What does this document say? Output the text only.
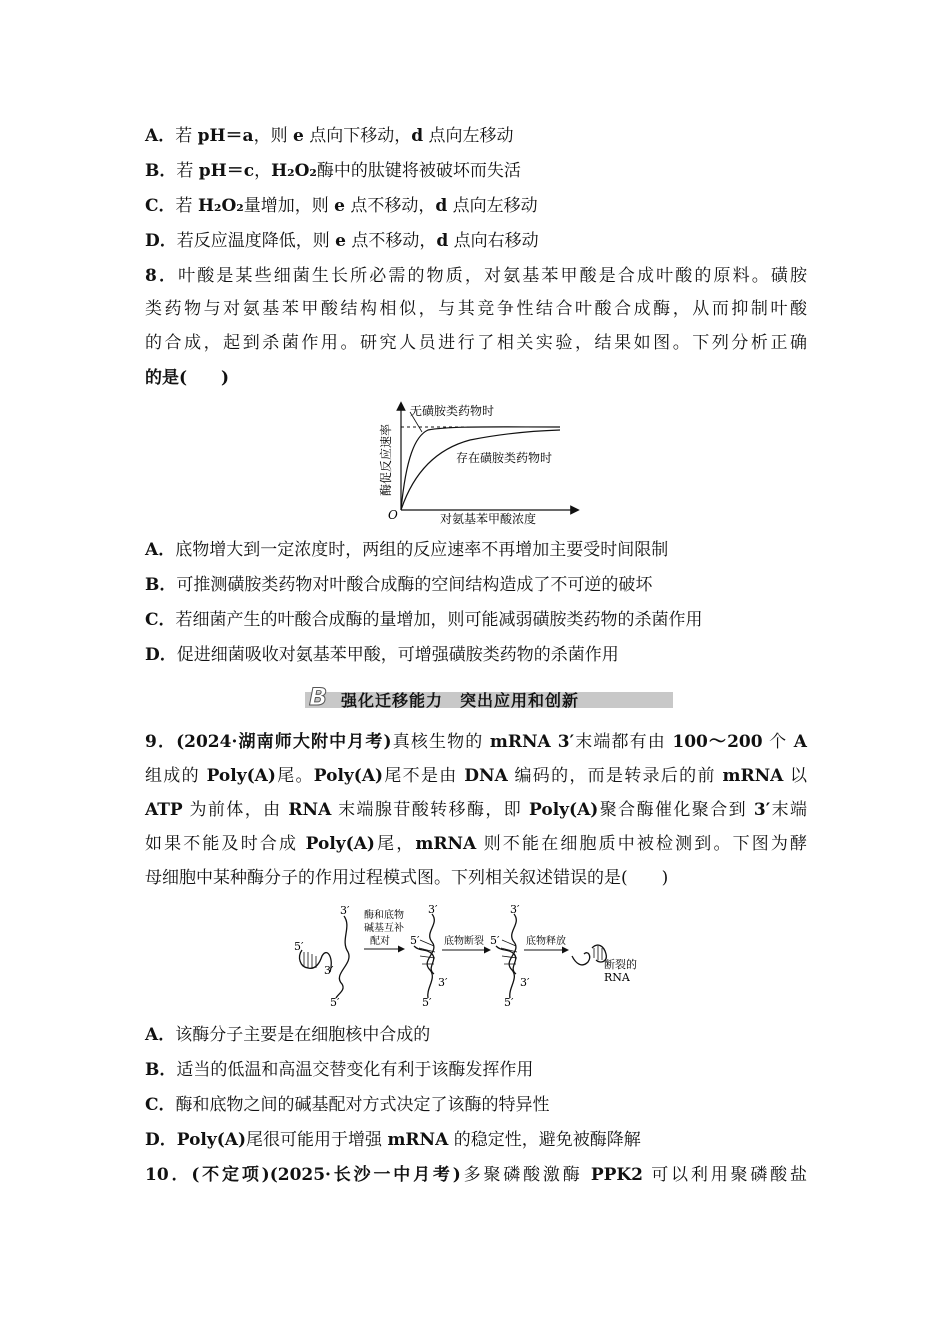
A．若 pH＝a，则 e 点向下移动，d 点向左移动
B．若 pH＝c，H₂O₂酶中的肽键将被破坏而失活
C．若 H₂O₂量增加，则 e 点不移动，d 点向左移动
D．若反应温度降低，则 e 点不移动，d 点向右移动
8．叶酸是某些细菌生长所必需的物质，对氨基苯甲酸是合成叶酸的原料。磺胺
类药物与对氨基苯甲酸结构相似，与其竞争性结合叶酸合成酶，从而抑制叶酸
的合成，起到杀菌作用。研究人员进行了相关实验，结果如图。下列分析正确
的是(　　)
酶促反应速率
O	对氨基苯甲酸浓度
无磺胺类药物时
存在磺胺类药物时
A．底物增大到一定浓度时，两组的反应速率不再增加主要受时间限制
B．可推测磺胺类药物对叶酸合成酶的空间结构造成了不可逆的破坏
C．若细菌产生的叶酸合成酶的量增加，则可能减弱磺胺类药物的杀菌作用
D．促进细菌吸收对氨基苯甲酸，可增强磺胺类药物的杀菌作用
B 强化迁移能力　突出应用和创新
9．(2024·湖南师大附中月考)真核生物的 mRNA 3′末端都有由 100～200 个 A
组成的 Poly(A)尾。Poly(A)尾不是由 DNA 编码的，而是转录后的前 mRNA 以
ATP 为前体，由 RNA 末端腺苷酸转移酶，即 Poly(A)聚合酶催化聚合到 3′末端
如果不能及时合成 Poly(A)尾，mRNA 则不能在细胞质中被检测到。下图为酵
母细胞中某种酶分子的作用过程模式图。下列相关叙述错误的是(　　)
3′
5′
3′
5′
酶和底物
碱基互补
配对
3′
5′
3′
5′
底物断裂
3′
5′
3′
5′
底物释放
断裂的
RNA
A．该酶分子主要是在细胞核中合成的
B．适当的低温和高温交替变化有利于该酶发挥作用
C．酶和底物之间的碱基配对方式决定了该酶的特异性
D．Poly(A)尾很可能用于增强 mRNA 的稳定性，避免被酶降解
10．(不定项)(2025·长沙一中月考)多聚磷酸激酶 PPK2 可以利用聚磷酸盐
